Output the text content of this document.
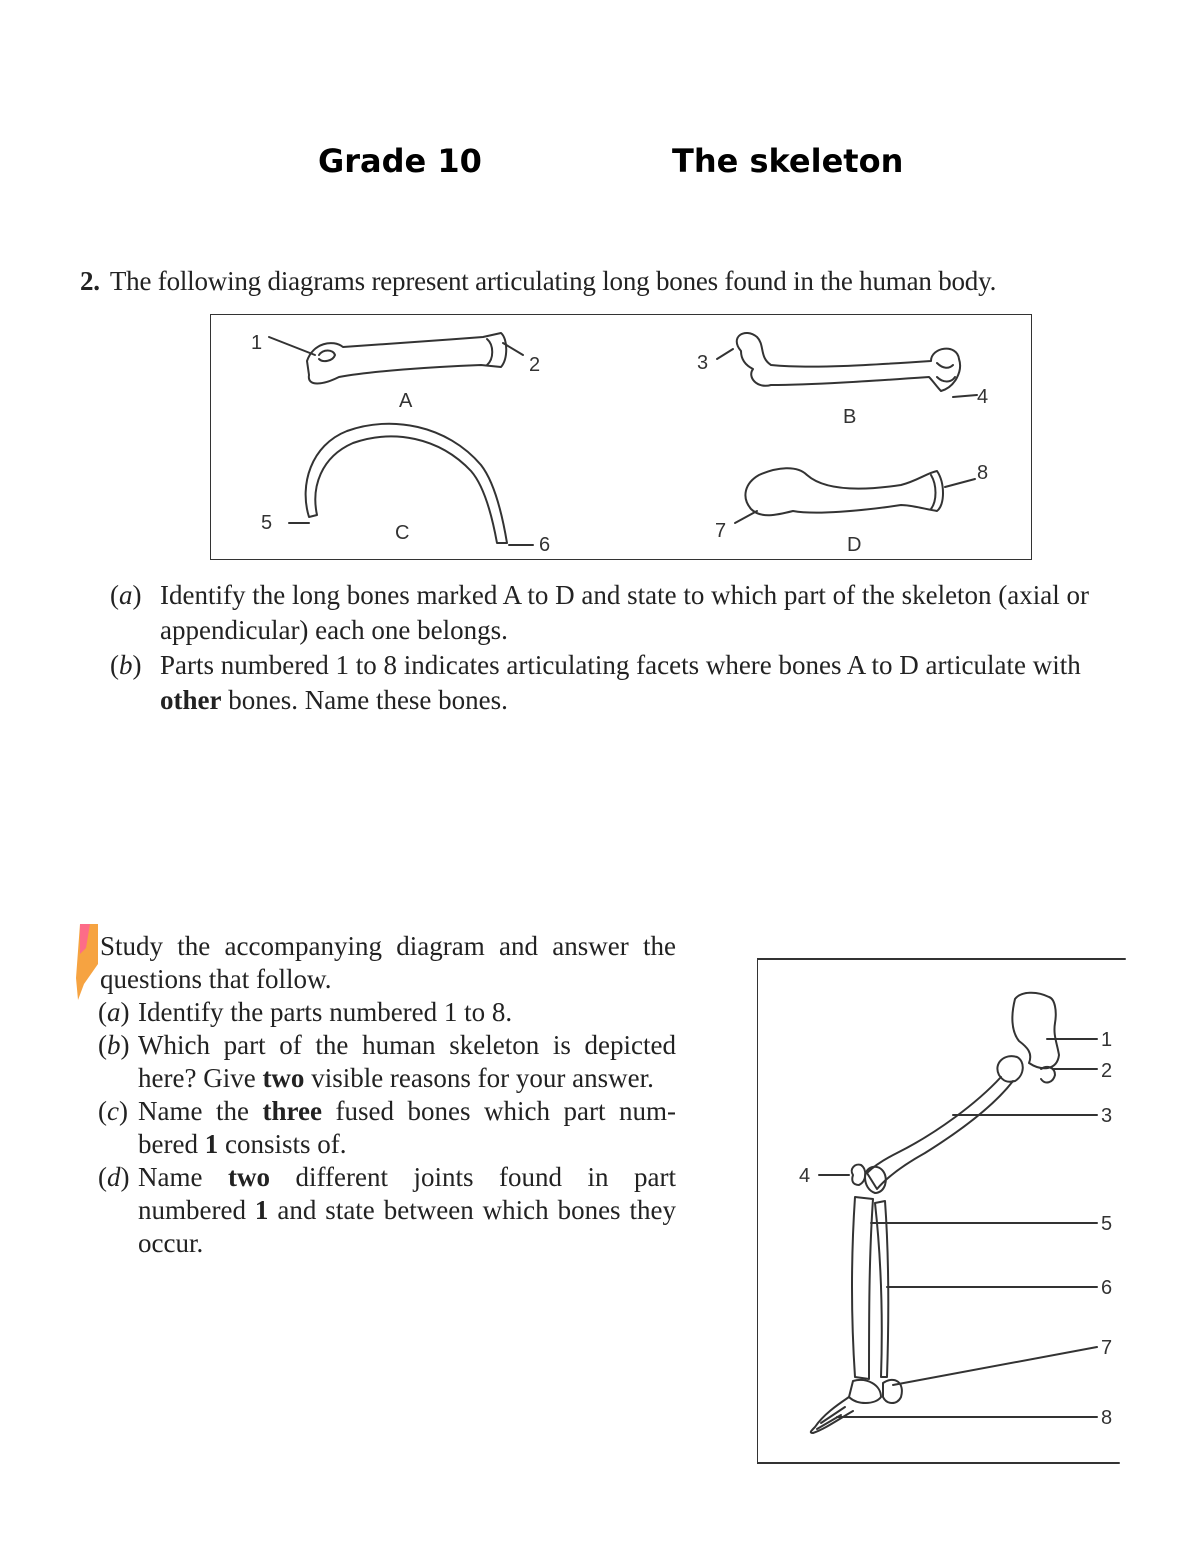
Grade 10	The skeleton
2. The following diagrams represent articulating long bones found in the human body.
1
2	3
4
5
6
7
8
A
B
C
D
(a) Identify the long bones marked A to D and state to which part of the skeleton (axial or appendicular) each one belongs.
(b) Parts numbered 1 to 8 indicates articulating facets where bones A to D articulate with other bones. Name these bones.
Study the accompanying diagram and answer the questions that follow.
(a) Identify the parts numbered 1 to 8.
(b) Which part of the human skeleton is depicted here? Give two visible reasons for your answer.
(c) Name the three fused bones which part num-bered 1 consists of.
(d) Name two different joints found in part numbered 1 and state between which bones they occur.
1
2
3
4
5
6
7
8
